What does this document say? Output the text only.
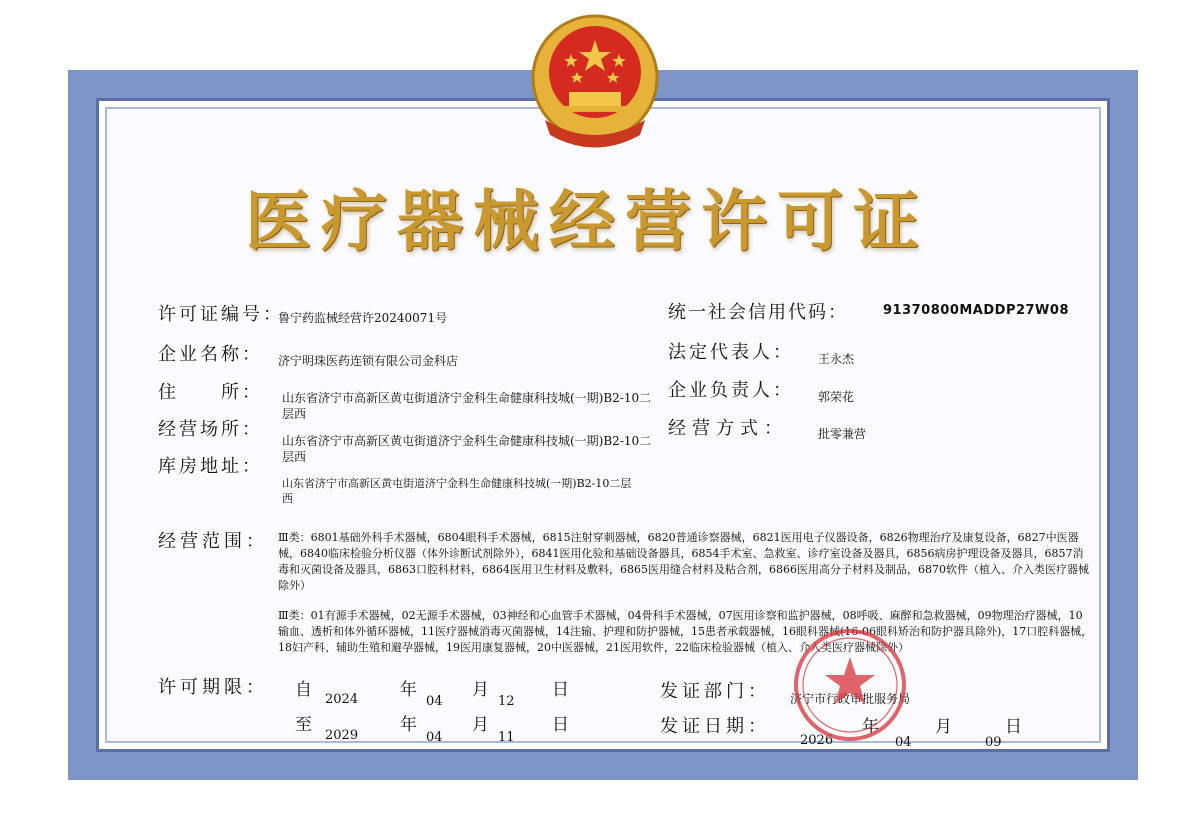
医疗器械经营许可证
许可证编号：
鲁宁药监械经营许20240071号
企业名称： 济宁明珠医药连锁有限公司金科店
住　　所： 山东省济宁市高新区黄屯街道济宁金科生命健康科技城(一期)B2-10二层西
经营场所：
山东省济宁市高新区黄屯街道济宁金科生命健康科技城(一期)B2-10二层西
库房地址：
山东省济宁市高新区黄屯街道济宁金科生命健康科技城(一期)B2-10二层西
统一社会信用代码：	91370800MADDP27W08
法定代表人： 王永杰
企业负责人： 郭荣花
经营方式：	批零兼营
经营范围： Ⅲ类：6801基础外科手术器械，6804眼科手术器械，6815注射穿刺器械，6820普通诊察器械，6821医用电子仪器设备，6826物理治疗及康复设备，6827中医器械，6840临床检验分析仪器（体外诊断试剂除外），6841医用化验和基础设备器具，6854手术室、急救室、诊疗室设备及器具，6856病房护理设备及器具，6857消毒和灭菌设备及器具，6863口腔科材料，6864医用卫生材料及敷料，6865医用缝合材料及粘合剂，6866医用高分子材料及制品，6870软件（植入、介入类医疗器械除外）
Ⅲ类：01有源手术器械，02无源手术器械，03神经和心血管手术器械，04骨科手术器械，07医用诊察和监护器械，08呼吸、麻醉和急救器械，09物理治疗器械，10输血、透析和体外循环器械，11医疗器械消毒灭菌器械，14注输、护理和防护器械，15患者承载器械，16眼科器械(16-06眼科矫治和防护器具除外)，17口腔科器械，18妇产科、辅助生殖和避孕器械，19医用康复器械，20中医器械，21医用软件，22临床检验器械（植入、介入类医疗器械除外）
许可期限： 自 2024 年
04
月
12
日
至
2029
年
04
月
11
日
发证部门： 济宁市行政审批服务局
发证日期：
2026
年
04
月
09
日
